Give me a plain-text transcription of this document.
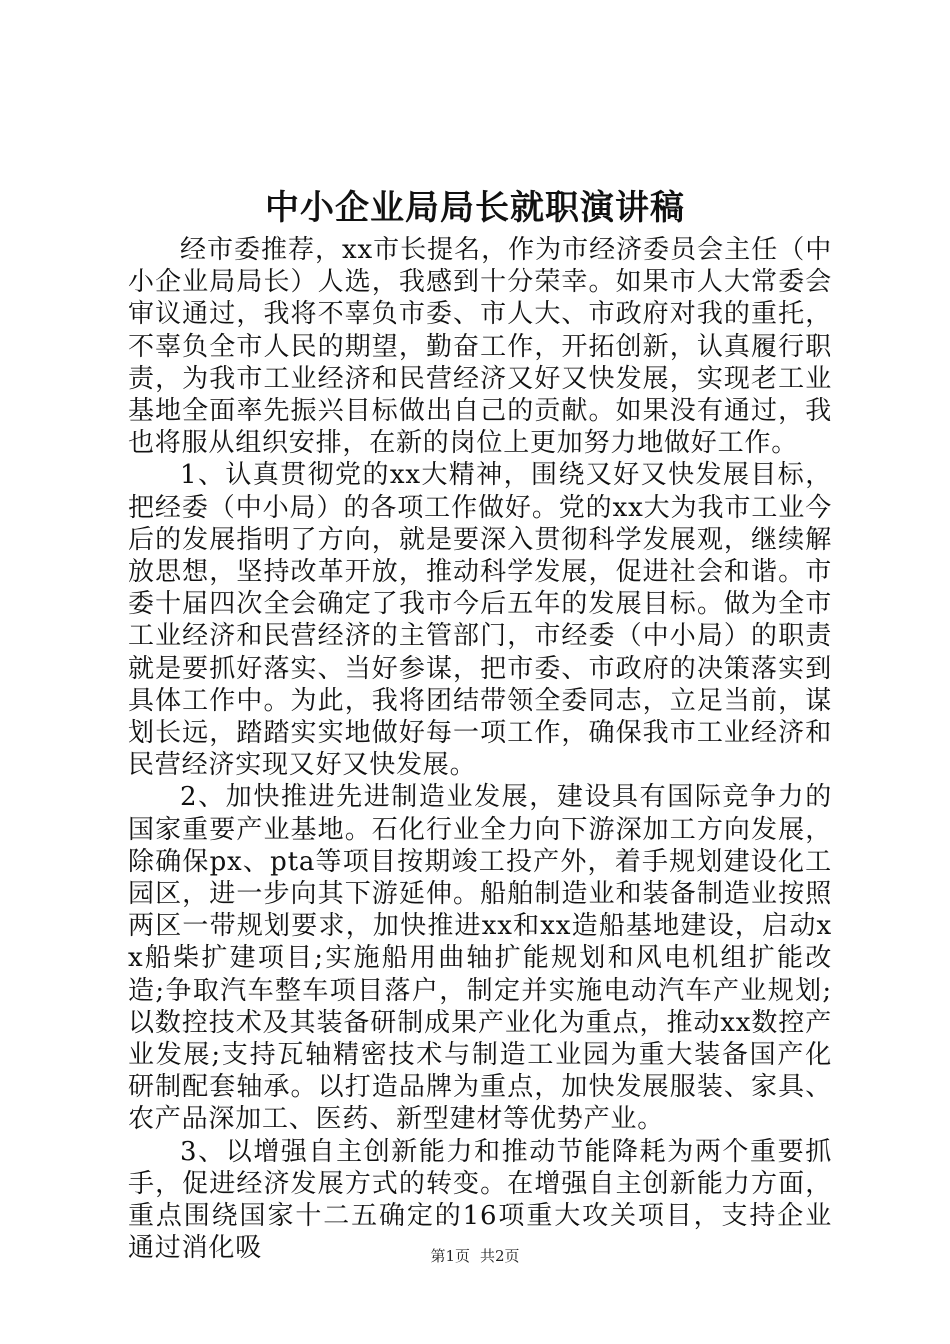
中小企业局局长就职演讲稿

经市委推荐，xx市长提名，作为市经济委员会主任（中小企业局局长）人选，我感到十分荣幸。如果市人大常委会审议通过，我将不辜负市委、市人大、市政府对我的重托，不辜负全市人民的期望，勤奋工作，开拓创新，认真履行职责，为我市工业经济和民营经济又好又快发展，实现老工业基地全面率先振兴目标做出自己的贡献。如果没有通过，我也将服从组织安排，在新的岗位上更加努力地做好工作。

1、认真贯彻党的xx大精神，围绕又好又快发展目标，把经委（中小局）的各项工作做好。党的xx大为我市工业今后的发展指明了方向，就是要深入贯彻科学发展观，继续解放思想，坚持改革开放，推动科学发展，促进社会和谐。市委十届四次全会确定了我市今后五年的发展目标。做为全市工业经济和民营经济的主管部门，市经委（中小局）的职责就是要抓好落实、当好参谋，把市委、市政府的决策落实到具体工作中。为此，我将团结带领全委同志，立足当前，谋划长远，踏踏实实地做好每一项工作，确保我市工业经济和民营经济实现又好又快发展。

2、加快推进先进制造业发展，建设具有国际竞争力的国家重要产业基地。石化行业全力向下游深加工方向发展，除确保px、pta等项目按期竣工投产外，着手规划建设化工园区，进一步向其下游延伸。船舶制造业和装备制造业按照两区一带规划要求，加快推进xx和xx造船基地建设，启动xx船柴扩建项目;实施船用曲轴扩能规划和风电机组扩能改造;争取汽车整车项目落户，制定并实施电动汽车产业规划;以数控技术及其装备研制成果产业化为重点，推动xx数控产业发展;支持瓦轴精密技术与制造工业园为重大装备国产化研制配套轴承。以打造品牌为重点，加快发展服装、家具、农产品深加工、医药、新型建材等优势产业。

3、以增强自主创新能力和推动节能降耗为两个重要抓手，促进经济发展方式的转变。在增强自主创新能力方面，重点围绕国家十二五确定的16项重大攻关项目，支持企业通过消化吸	第1页 共2页
